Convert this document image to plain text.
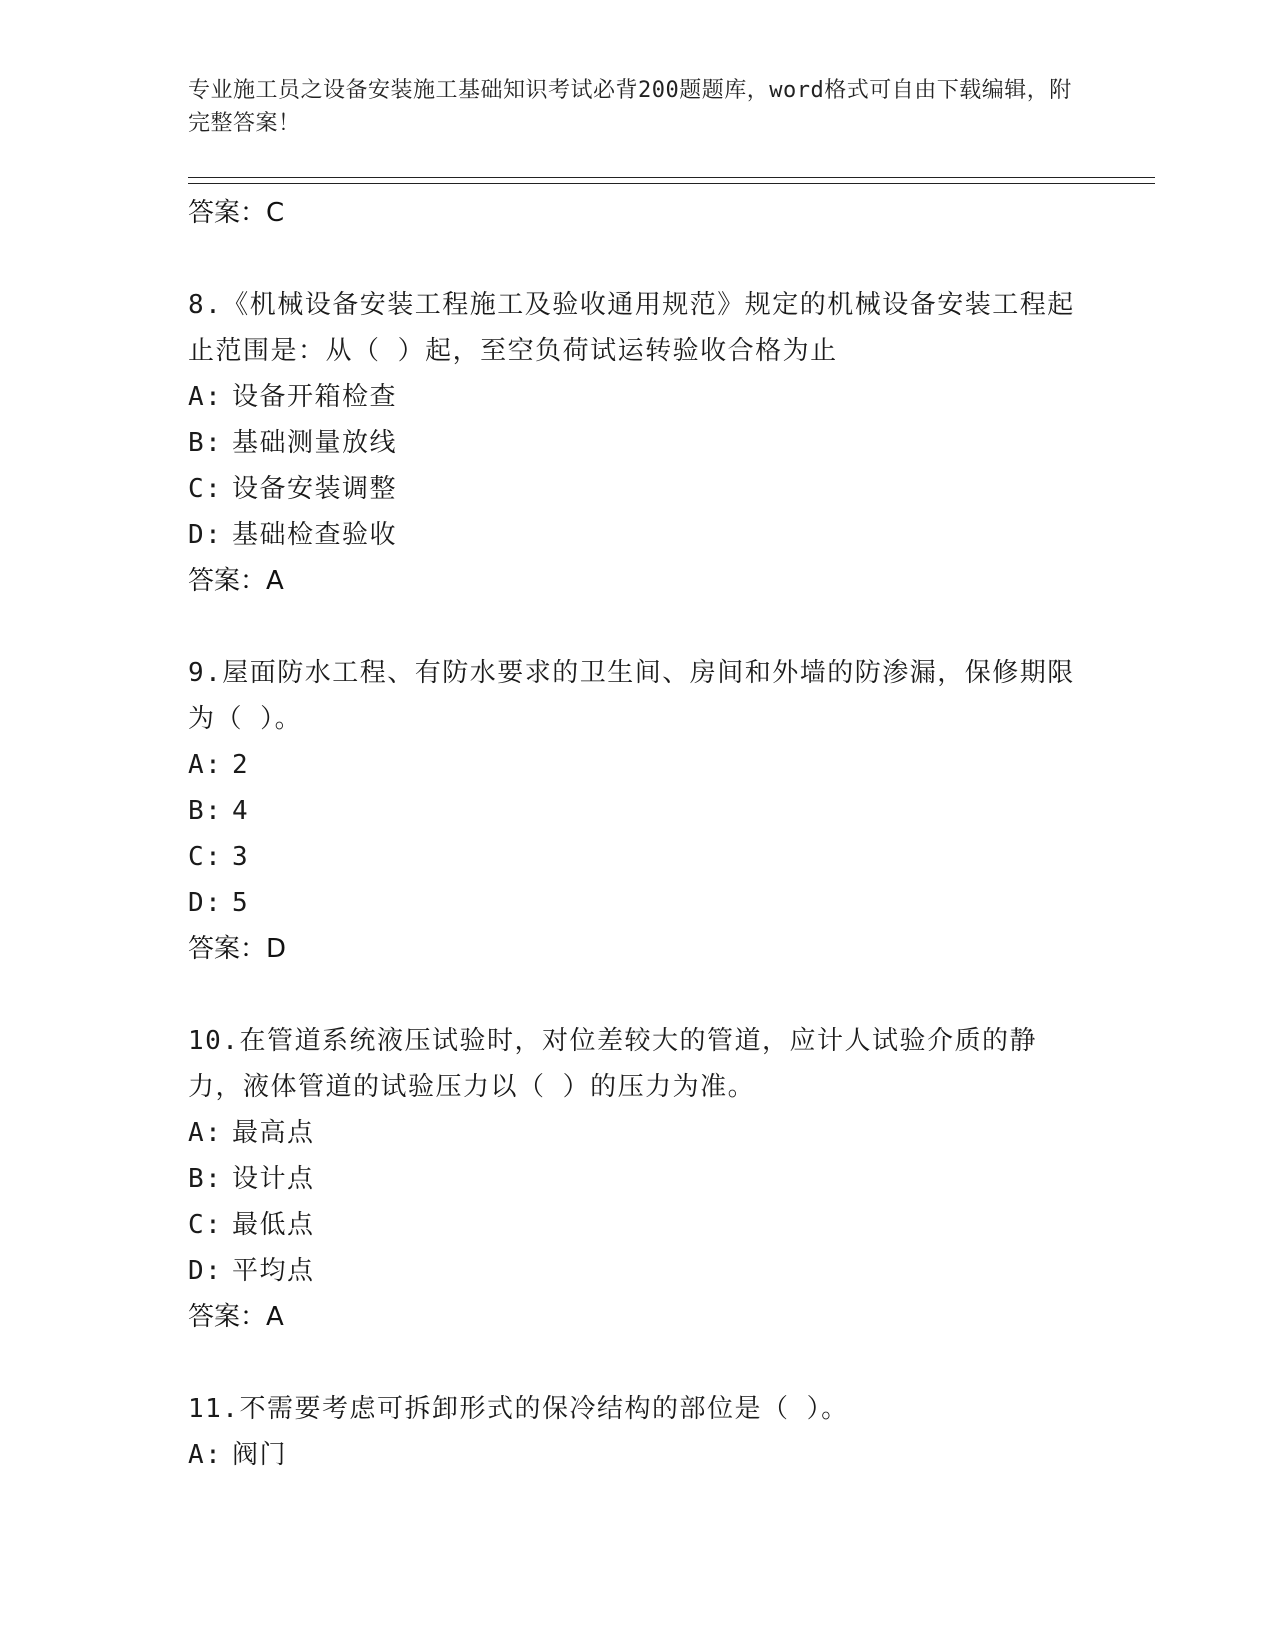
专业施工员之设备安装施工基础知识考试必背200题题库，word格式可自由下载编辑，附完整答案！
答案：C
8.《机械设备安装工程施工及验收通用规范》规定的机械设备安装工程起止范围是：从（ ）起，至空负荷试运转验收合格为止
A: 设备开箱检查
B: 基础测量放线
C: 设备安装调整
D: 基础检查验收
答案：A
9.屋面防水工程、有防水要求的卫生间、房间和外墙的防渗漏，保修期限为（ ）。
A: 2
B: 4
C: 3
D: 5
答案：D
10.在管道系统液压试验时，对位差较大的管道，应计人试验介质的静力，液体管道的试验压力以（ ）的压力为准。
A: 最高点
B: 设计点
C: 最低点
D: 平均点
答案：A
11.不需要考虑可拆卸形式的保冷结构的部位是（ ）。
A: 阀门
